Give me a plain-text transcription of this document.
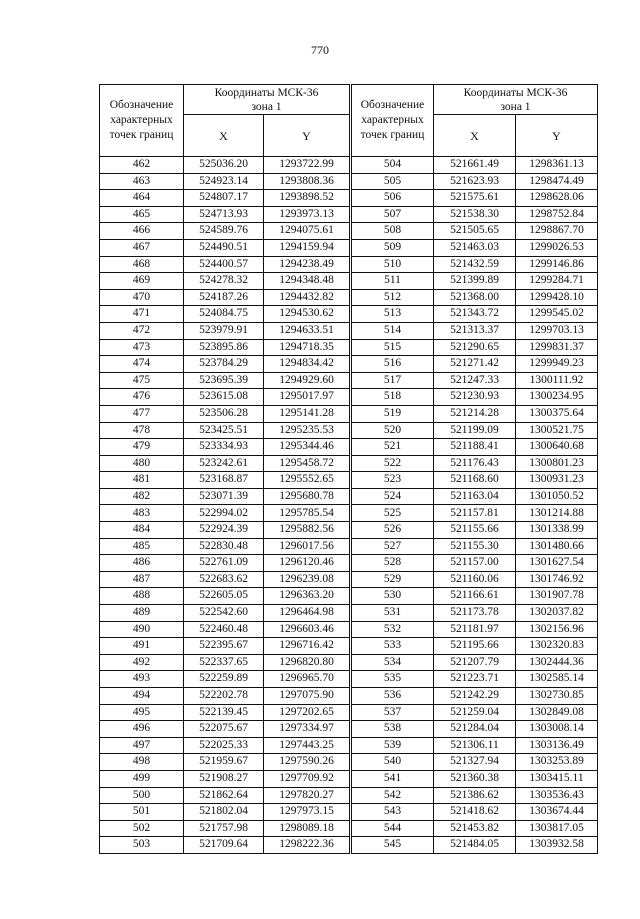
770
Обозначение характерных точек границ	Координаты МСК-36
зона 1	
	X	Y
462	525036.20	1293722.99
463	524923.14	1293808.36
464	524807.17	1293898.52
465	524713.93	1293973.13
466	524589.76	1294075.61
467	524490.51	1294159.94
468	524400.57	1294238.49
469	524278.32	1294348.48
470	524187.26	1294432.82
471	524084.75	1294530.62
472	523979.91	1294633.51
473	523895.86	1294718.35
474	523784.29	1294834.42
475	523695.39	1294929.60
476	523615.08	1295017.97
477	523506.28	1295141.28
478	523425.51	1295235.53
479	523334.93	1295344.46
480	523242.61	1295458.72
481	523168.87	1295552.65
482	523071.39	1295680.78
483	522994.02	1295785.54
484	522924.39	1295882.56
485	522830.48	1296017.56
486	522761.09	1296120.46
487	522683.62	1296239.08
488	522605.05	1296363.20
489	522542.60	1296464.98
490	522460.48	1296603.46
491	522395.67	1296716.42
492	522337.65	1296820.80
493	522259.89	1296965.70
494	522202.78	1297075.90
495	522139.45	1297202.65
496	522075.67	1297334.97
497	522025.33	1297443.25
498	521959.67	1297590.26
499	521908.27	1297709.92
500	521862.64	1297820.27
501	521802.04	1297973.15
502	521757.98	1298089.18
503	521709.64	1298222.36
Обозначение характерных точек границ	Координаты МСК-36
зона 1	
	X	Y
504	521661.49	1298361.13
505	521623.93	1298474.49
506	521575.61	1298628.06
507	521538.30	1298752.84
508	521505.65	1298867.70
509	521463.03	1299026.53
510	521432.59	1299146.86
511	521399.89	1299284.71
512	521368.00	1299428.10
513	521343.72	1299545.02
514	521313.37	1299703.13
515	521290.65	1299831.37
516	521271.42	1299949.23
517	521247.33	1300111.92
518	521230.93	1300234.95
519	521214.28	1300375.64
520	521199.09	1300521.75
521	521188.41	1300640.68
522	521176.43	1300801.23
523	521168.60	1300931.23
524	521163.04	1301050.52
525	521157.81	1301214.88
526	521155.66	1301338.99
527	521155.30	1301480.66
528	521157.00	1301627.54
529	521160.06	1301746.92
530	521166.61	1301907.78
531	521173.78	1302037.82
532	521181.97	1302156.96
533	521195.66	1302320.83
534	521207.79	1302444.36
535	521223.71	1302585.14
536	521242.29	1302730.85
537	521259.04	1302849.08
538	521284.04	1303008.14
539	521306.11	1303136.49
540	521327.94	1303253.89
541	521360.38	1303415.11
542	521386.62	1303536.43
543	521418.62	1303674.44
544	521453.82	1303817.05
545	521484.05	1303932.58
